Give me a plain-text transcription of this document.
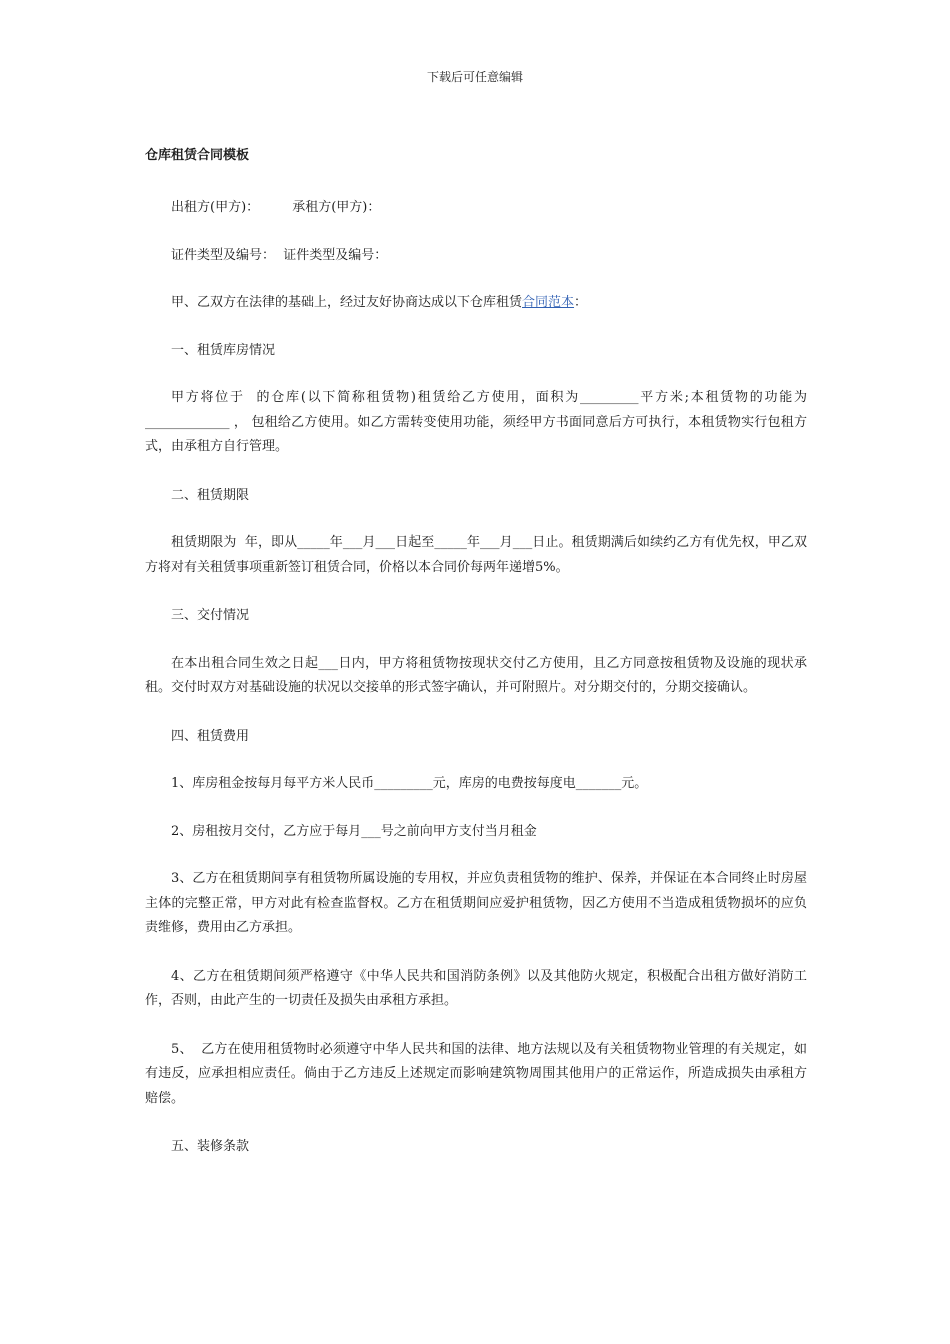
下载后可任意编辑
仓库租赁合同模板

出租方(甲方)：        承租方(甲方)：

证件类型及编号：  证件类型及编号：

甲、乙双方在法律的基础上，经过友好协商达成以下仓库租赁合同范本：

一、租赁库房情况

甲方将位于  的仓库(以下简称租赁物)租赁给乙方使用，面积为_________平方米;本租赁物的功能为_____________ ， 包租给乙方使用。如乙方需转变使用功能，须经甲方书面同意后方可执行，本租赁物实行包租方式，由承租方自行管理。

二、租赁期限

租赁期限为  年，即从_____年___月___日起至_____年___月___日止。租赁期满后如续约乙方有优先权，甲乙双方将对有关租赁事项重新签订租赁合同，价格以本合同价每两年递增5%。

三、交付情况

在本出租合同生效之日起___日内，甲方将租赁物按现状交付乙方使用，且乙方同意按租赁物及设施的现状承租。交付时双方对基础设施的状况以交接单的形式签字确认，并可附照片。对分期交付的，分期交接确认。

四、租赁费用

1、库房租金按每月每平方米人民币_________元，库房的电费按每度电_______元。

2、房租按月交付，乙方应于每月___号之前向甲方支付当月租金

3、乙方在租赁期间享有租赁物所属设施的专用权，并应负责租赁物的维护、保养，并保证在本合同终止时房屋主体的完整正常，甲方对此有检查监督权。乙方在租赁期间应爱护租赁物，因乙方使用不当造成租赁物损坏的应负责维修，费用由乙方承担。

4、乙方在租赁期间须严格遵守《中华人民共和国消防条例》以及其他防火规定，积极配合出租方做好消防工作，否则，由此产生的一切责任及损失由承租方承担。

5、  乙方在使用租赁物时必须遵守中华人民共和国的法律、地方法规以及有关租赁物物业管理的有关规定，如有违反，应承担相应责任。倘由于乙方违反上述规定而影响建筑物周围其他用户的正常运作，所造成损失由承租方赔偿。

五、装修条款
